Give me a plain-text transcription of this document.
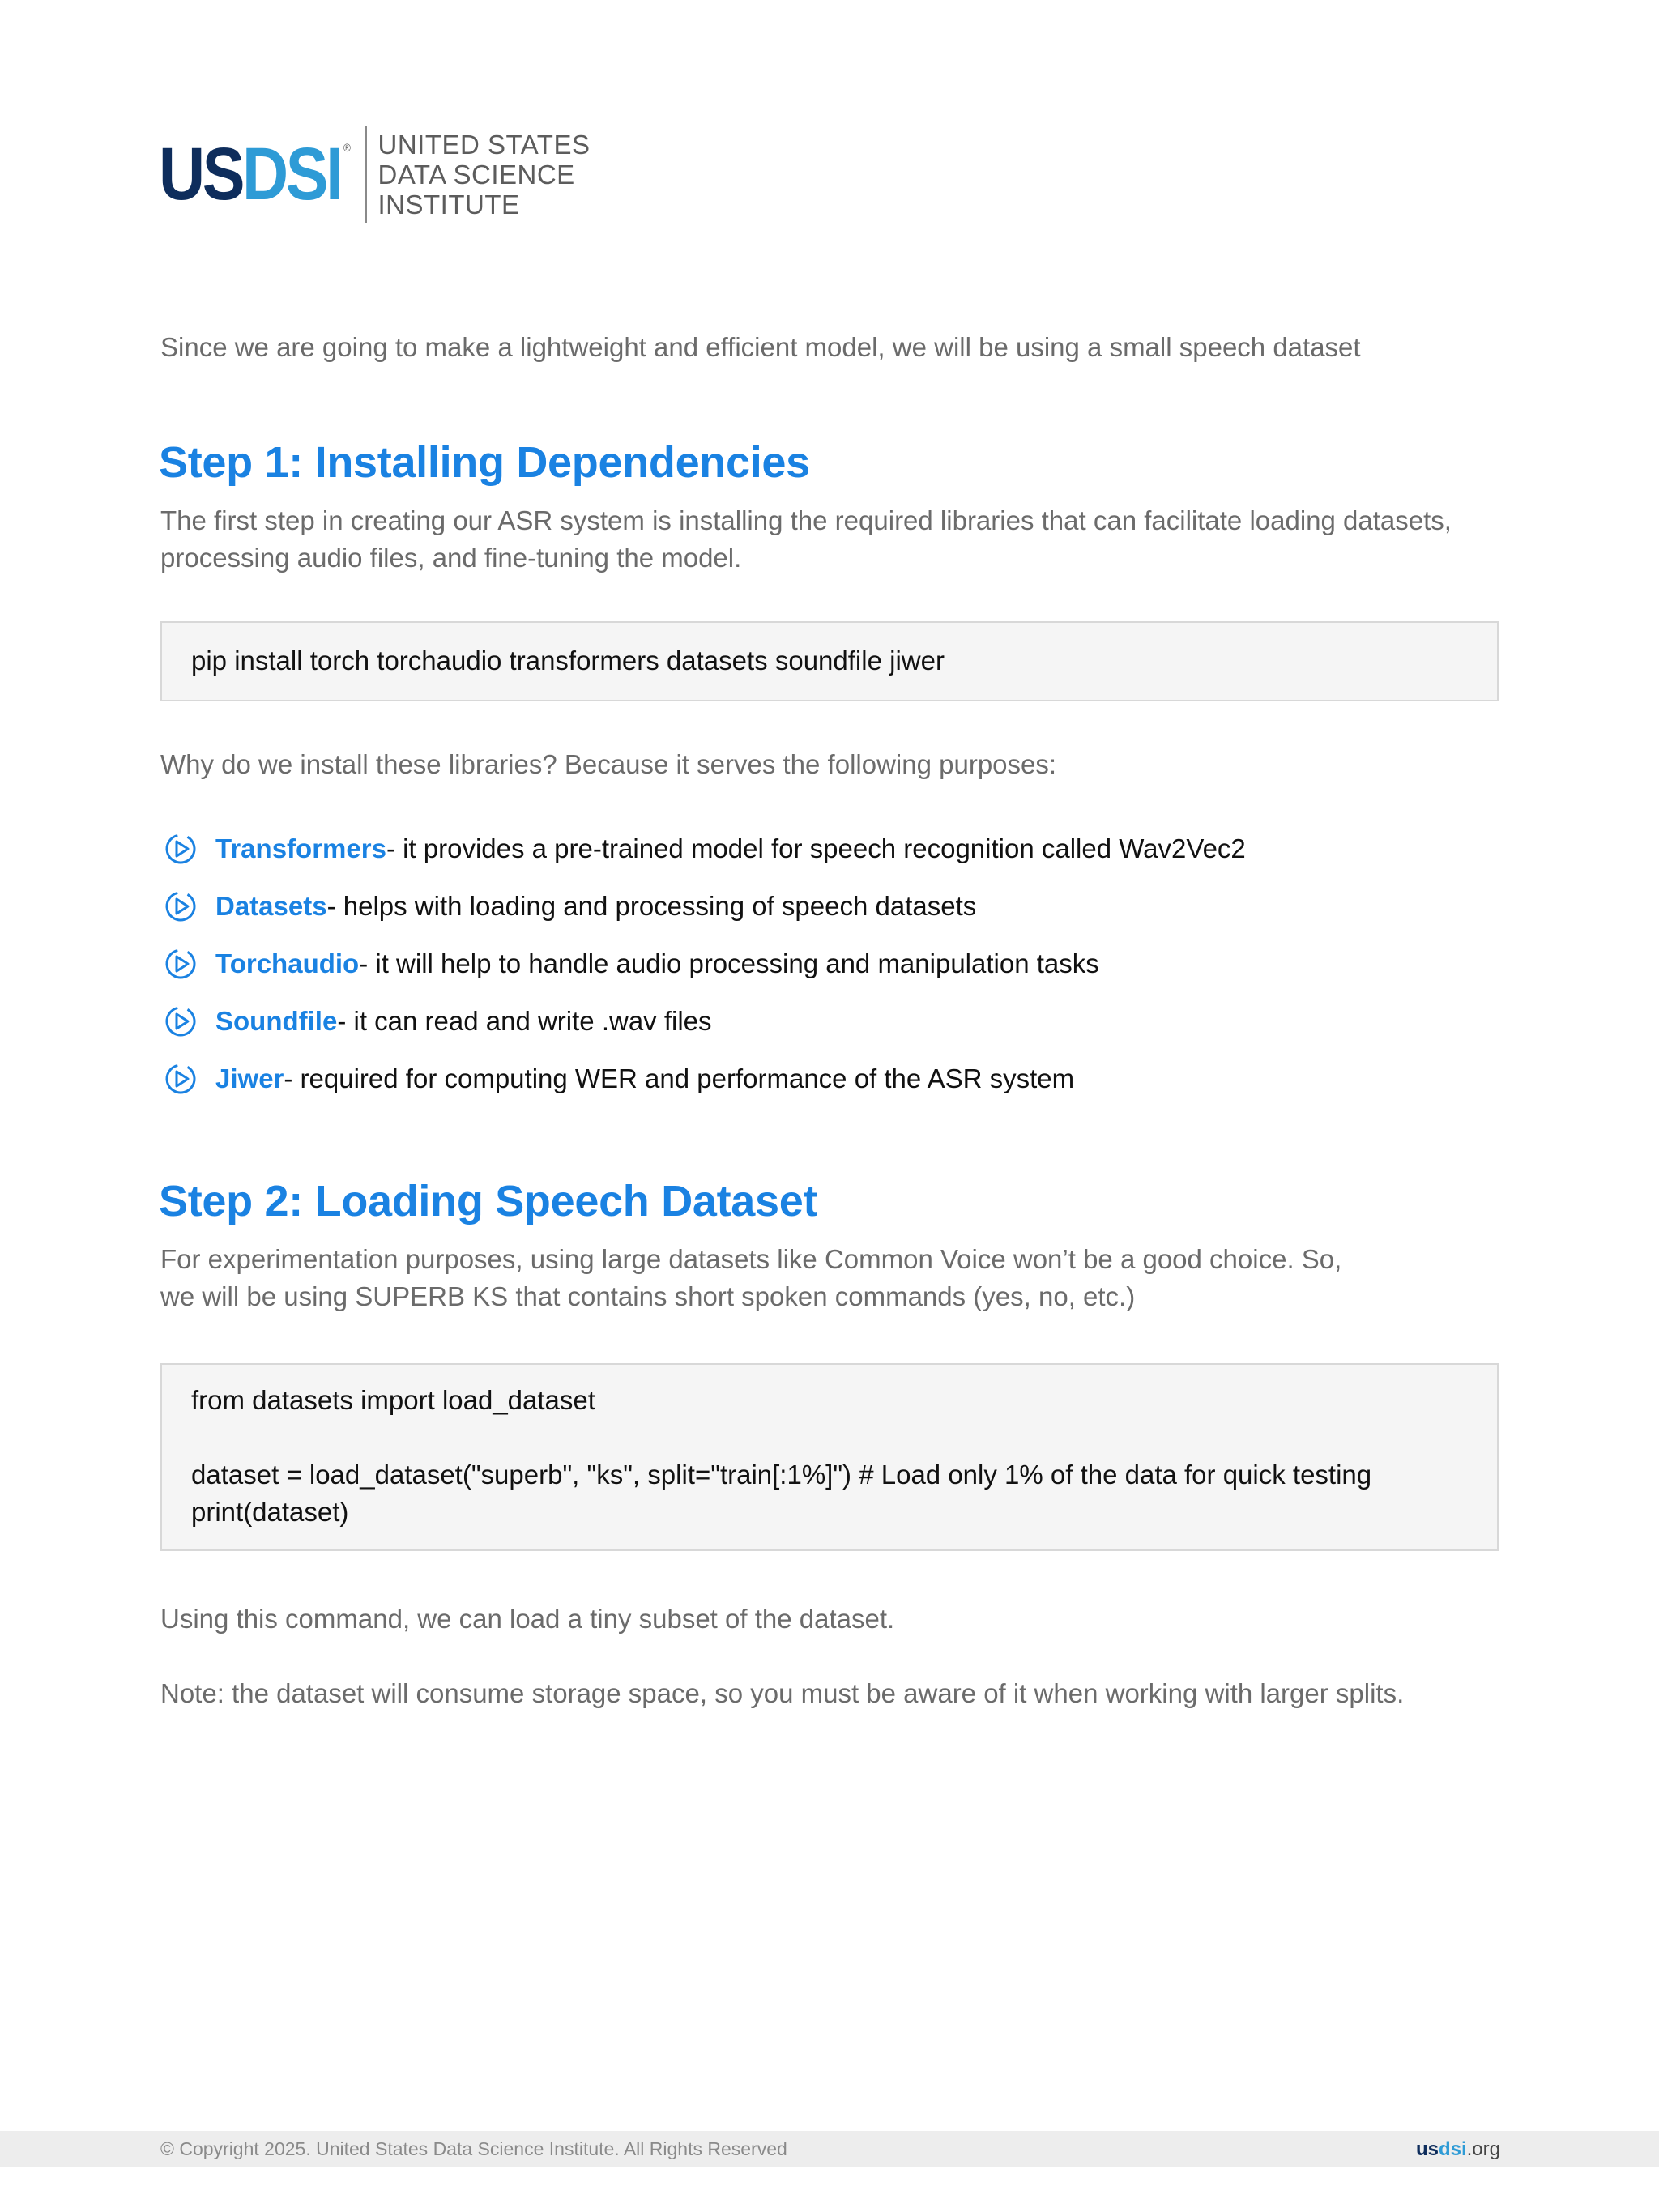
US DSI ® UNITED STATES
DATA SCIENCE
INSTITUTE
Since we are going to make a lightweight and efficient model, we will be using a small speech dataset
Step 1: Installing Dependencies
The first step in creating our ASR system is installing the required libraries that can facilitate loading datasets,
processing audio files, and fine-tuning the model.
pip install torch torchaudio transformers datasets soundfile jiwer
Why do we install these libraries? Because it serves the following purposes:
Transformers - it provides a pre-trained model for speech recognition called Wav2Vec2
Datasets - helps with loading and processing of speech datasets
Torchaudio - it will help to handle audio processing and manipulation tasks
Soundfile - it can read and write .wav files
Jiwer - required for computing WER and performance of the ASR system
Step 2: Loading Speech Dataset
For experimentation purposes, using large datasets like Common Voice won’t be a good choice. So,
we will be using SUPERB KS that contains short spoken commands (yes, no, etc.)
from datasets import load_dataset
dataset = load_dataset("superb", "ks", split="train[:1%]") # Load only 1% of the data for quick testing
print(dataset)
Using this command, we can load a tiny subset of the dataset.
Note: the dataset will consume storage space, so you must be aware of it when working with larger splits.
© Copyright 2025. United States Data Science Institute. All Rights Reserved	usdsi.org
